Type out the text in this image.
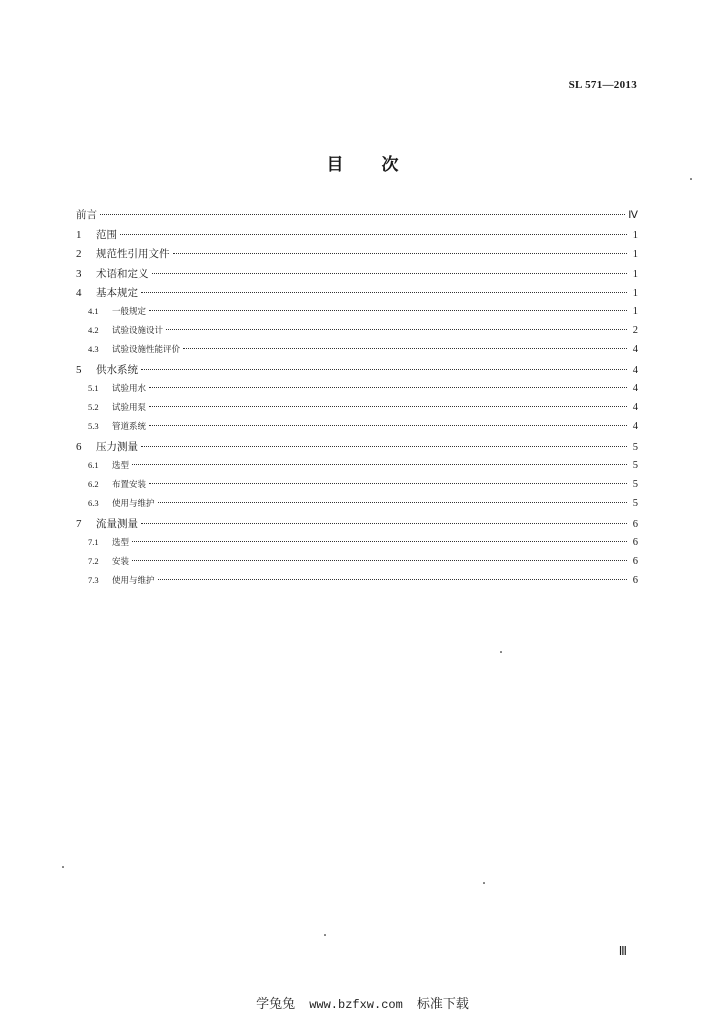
SL 571—2013
目 次
前言	Ⅳ
1	范围	1
2	规范性引用文件	1
3	术语和定义	1
4	基本规定	1
4.1	一般规定	1
4.2	试验设施设计	2
4.3	试验设施性能评价	4
5	供水系统	4
5.1	试验用水	4
5.2	试验用泵	4
5.3	管道系统	4
6	压力测量	5
6.1	选型	5
6.2	布置安装	5
6.3	使用与维护	5
7	流量测量	6
7.1	选型	6
7.2	安装	6
7.3	使用与维护	6
Ⅲ
学兔兔 www.bzfxw.com 标准下载
